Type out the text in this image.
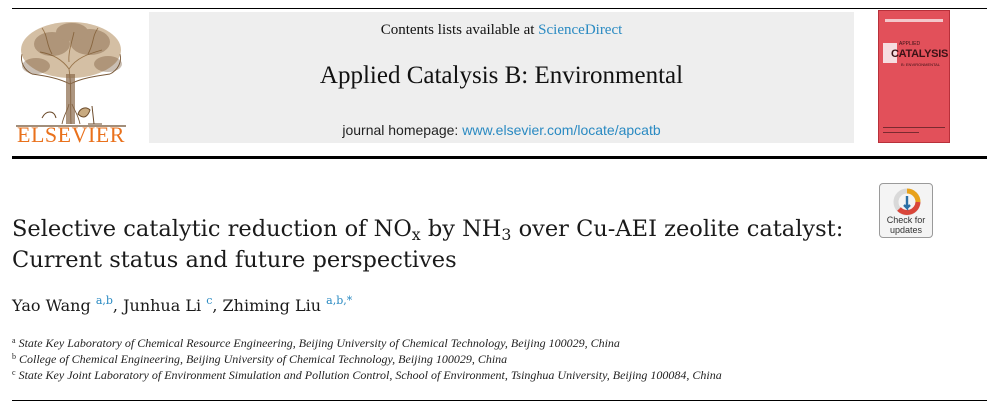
ELSEVIER
Contents lists available at ScienceDirect
Applied Catalysis B: Environmental
journal homepage: www.elsevier.com/locate/apcatb
APPLIED
CATALYSIS
B: ENVIRONMENTAL
Check for
updates
Selective catalytic reduction of $NO_x$ by $NH_3$ over Cu-AEI zeolite catalyst:
Current status and future perspectives
Yao Wang $^{a,b}$, Junhua Li $^c$, Zhiming Liu $^{a,b,*}$
$^a$ State Key Laboratory of Chemical Resource Engineering, Beijing University of Chemical Technology, Beijing 100029, China
$^b$ College of Chemical Engineering, Beijing University of Chemical Technology, Beijing 100029, China
$^c$ State Key Joint Laboratory of Environment Simulation and Pollution Control, School of Environment, Tsinghua University, Beijing 100084, China
